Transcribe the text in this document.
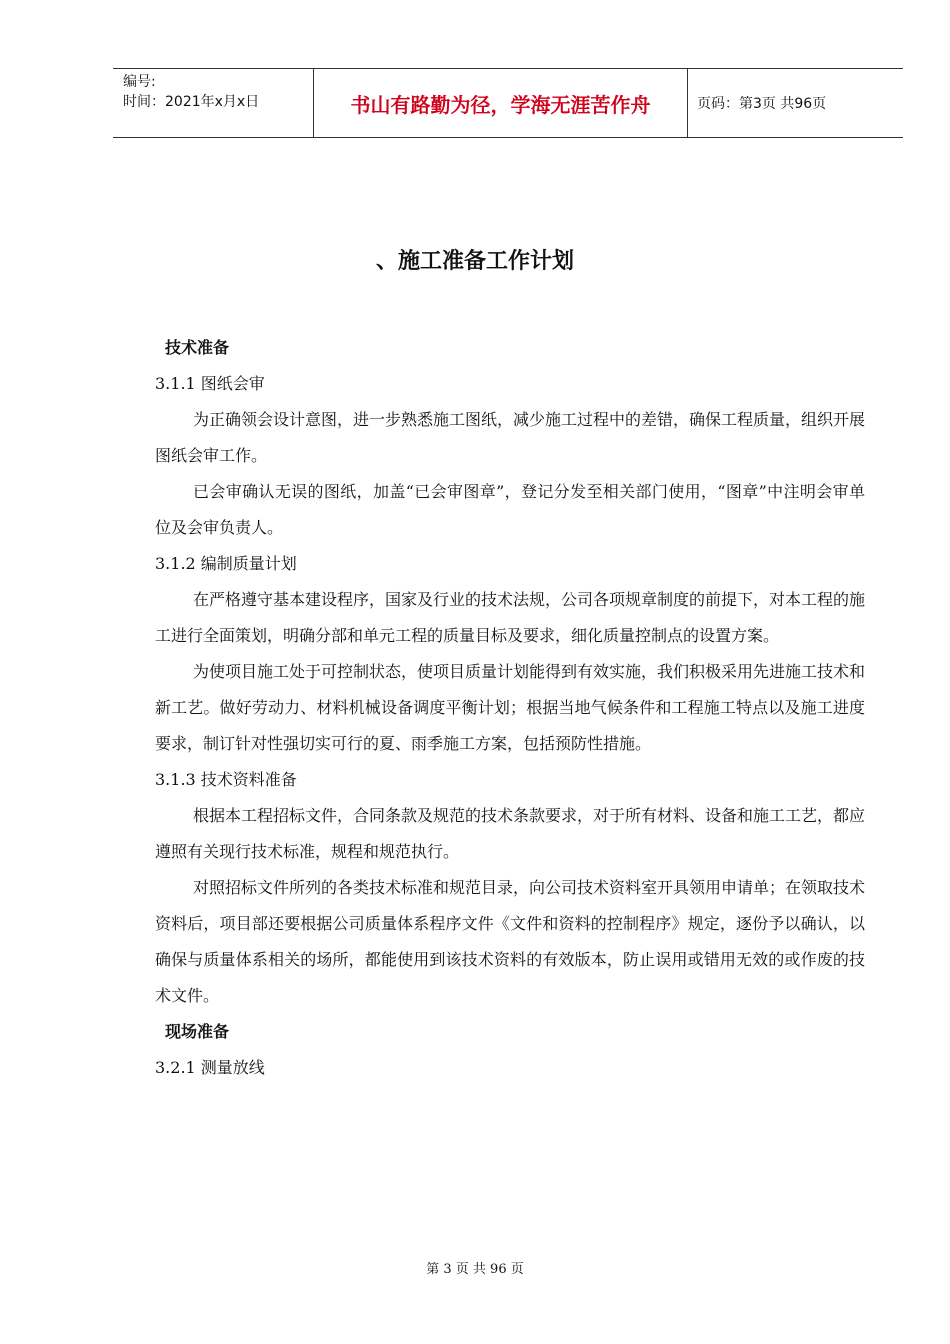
编号:
时间：2021年x月x日	书山有路勤为径，学海无涯苦作舟	页码：第3页 共96页
、施工准备工作计划
技术准备
3.1.1 图纸会审

为正确领会设计意图，进一步熟悉施工图纸，减少施工过程中的差错，确保工程质量，组织开展图纸会审工作。

已会审确认无误的图纸，加盖“已会审图章”，登记分发至相关部门使用，“图章”中注明会审单位及会审负责人。

3.1.2 编制质量计划

在严格遵守基本建设程序，国家及行业的技术法规，公司各项规章制度的前提下，对本工程的施工进行全面策划，明确分部和单元工程的质量目标及要求，细化质量控制点的设置方案。

为使项目施工处于可控制状态，使项目质量计划能得到有效实施，我们积极采用先进施工技术和新工艺。做好劳动力、材料机械设备调度平衡计划；根据当地气候条件和工程施工特点以及施工进度要求，制订针对性强切实可行的夏、雨季施工方案，包括预防性措施。

3.1.3 技术资料准备

根据本工程招标文件，合同条款及规范的技术条款要求，对于所有材料、设备和施工工艺，都应遵照有关现行技术标准，规程和规范执行。

对照招标文件所列的各类技术标准和规范目录，向公司技术资料室开具领用申请单；在领取技术资料后，项目部还要根据公司质量体系程序文件《文件和资料的控制程序》规定，逐份予以确认，以确保与质量体系相关的场所，都能使用到该技术资料的有效版本，防止误用或错用无效的或作废的技术文件。

现场准备
3.2.1 测量放线
第 3 页 共 96 页
